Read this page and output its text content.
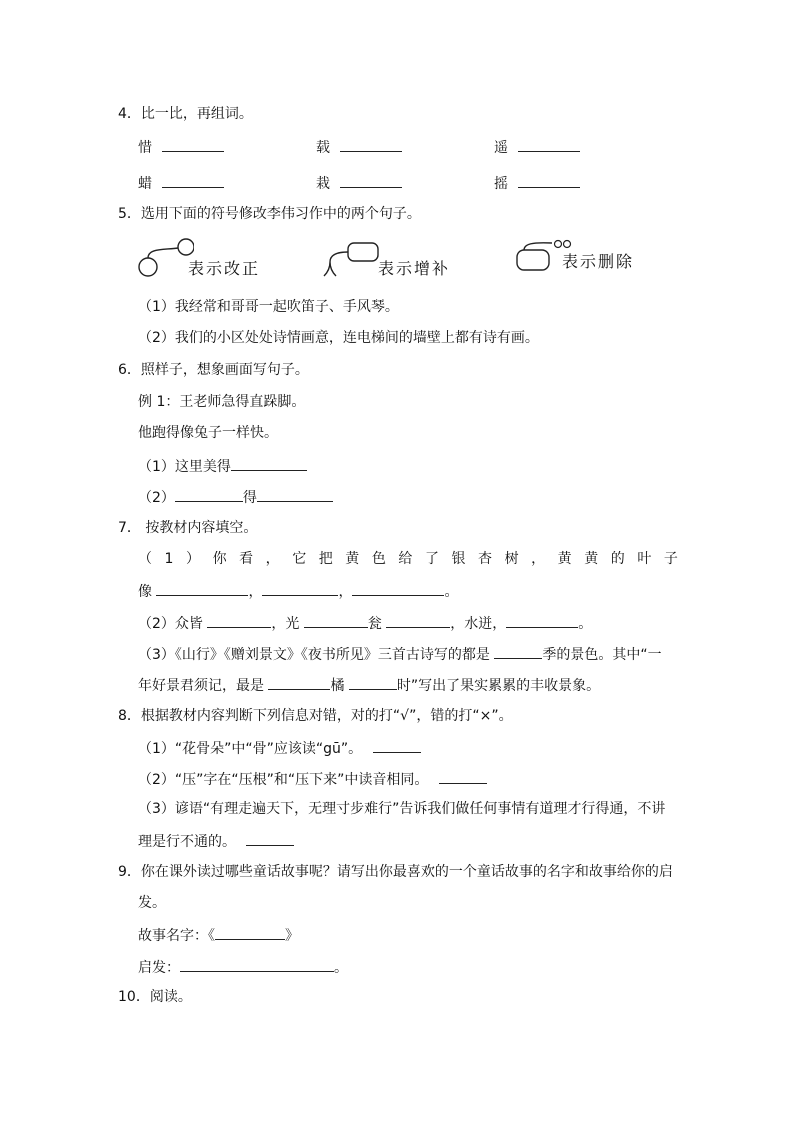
4．比一比，再组词。
惜	载	遥
蜡	栽	摇
5．选用下面的符号修改李伟习作中的两个句子。
表示改正	表示增补	表示删除
（1）我经常和哥哥一起吹笛子、手风琴。
（2）我们的小区处处诗情画意，连电梯间的墙壁上都有诗有画。
6．照样子，想象画面写句子。
例 1：王老师急得直跺脚。
他跑得像兔子一样快。
（1）这里美得
（2）	得
7． 按教材内容填空。
（ 1 ） 你 看 ， 它 把 黄 色 给 了 银 杏 树 ， 黄 黄 的 叶 子
像	，	，	。
（2）众皆	，光	瓮	，水迸，	。
（3）《山行》《赠刘景文》《夜书所见》三首古诗写的都是	季的景色。其中“一
年好景君须记，最是	橘	时”写出了果实累累的丰收景象。
8．根据教材内容判断下列信息对错，对的打“√”，错的打“×”。
（1）“花骨朵”中“骨”应该读“gū”。
（2）“压”字在“压根”和“压下来”中读音相同。
（3）谚语“有理走遍天下，无理寸步难行”告诉我们做任何事情有道理才行得通，不讲
理是行不通的。
9．你在课外读过哪些童话故事呢？请写出你最喜欢的一个童话故事的名字和故事给你的启
发。
故事名字：《	》
启发：	。
10．阅读。
